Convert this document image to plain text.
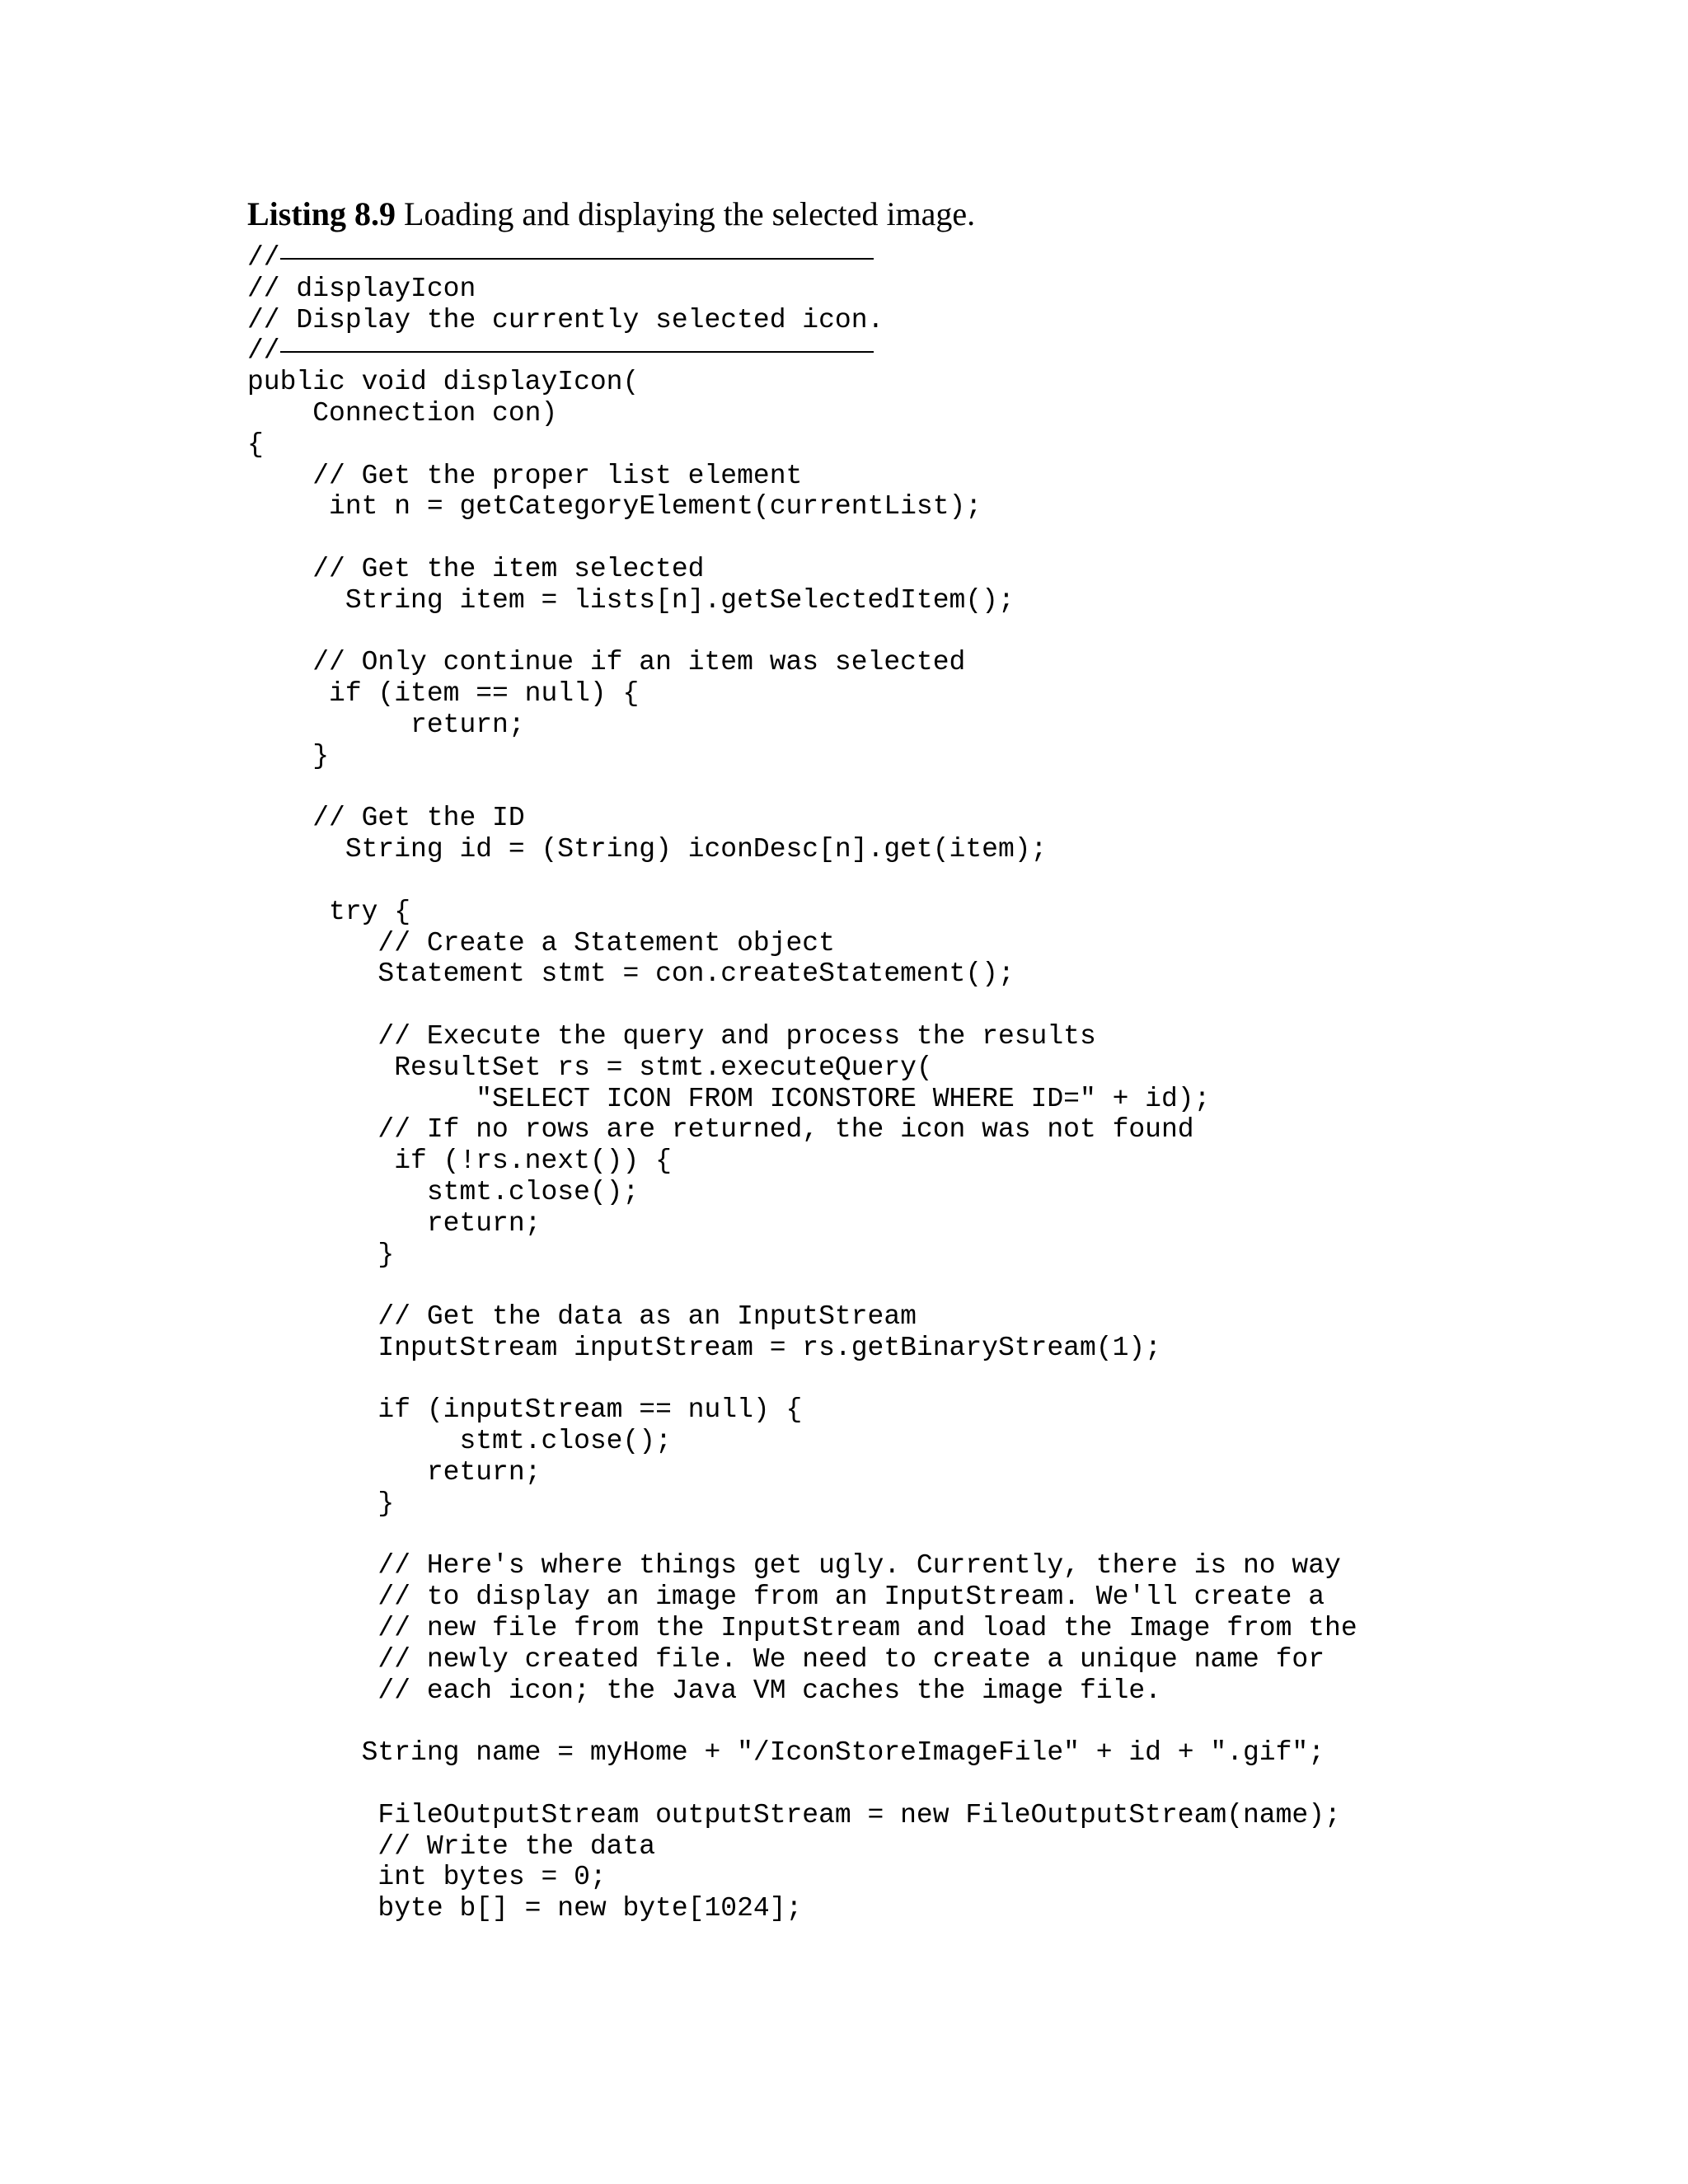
Listing 8.9 Loading and displaying the selected image.
//
// displayIcon
// Display the currently selected icon.
//
public void displayIcon(
Connection con)
{
// Get the proper list element
int n = getCategoryElement(currentList);
// Get the item selected
String item = lists[n].getSelectedItem();
// Only continue if an item was selected
if (item == null) {
return;
}
// Get the ID
String id = (String) iconDesc[n].get(item);
try {
// Create a Statement object
Statement stmt = con.createStatement();
// Execute the query and process the results
ResultSet rs = stmt.executeQuery(
"SELECT ICON FROM ICONSTORE WHERE ID=" + id);
// If no rows are returned, the icon was not found
if (!rs.next()) {
stmt.close();
return;
}
// Get the data as an InputStream
InputStream inputStream = rs.getBinaryStream(1);
if (inputStream == null) {
stmt.close();
return;
}
// Here's where things get ugly. Currently, there is no way
// to display an image from an InputStream. We'll create a
// new file from the InputStream and load the Image from the
// newly created file. We need to create a unique name for
// each icon; the Java VM caches the image file.
String name = myHome + "/IconStoreImageFile" + id + ".gif";
FileOutputStream outputStream = new FileOutputStream(name);
// Write the data
int bytes = 0;
byte b[] = new byte[1024];
